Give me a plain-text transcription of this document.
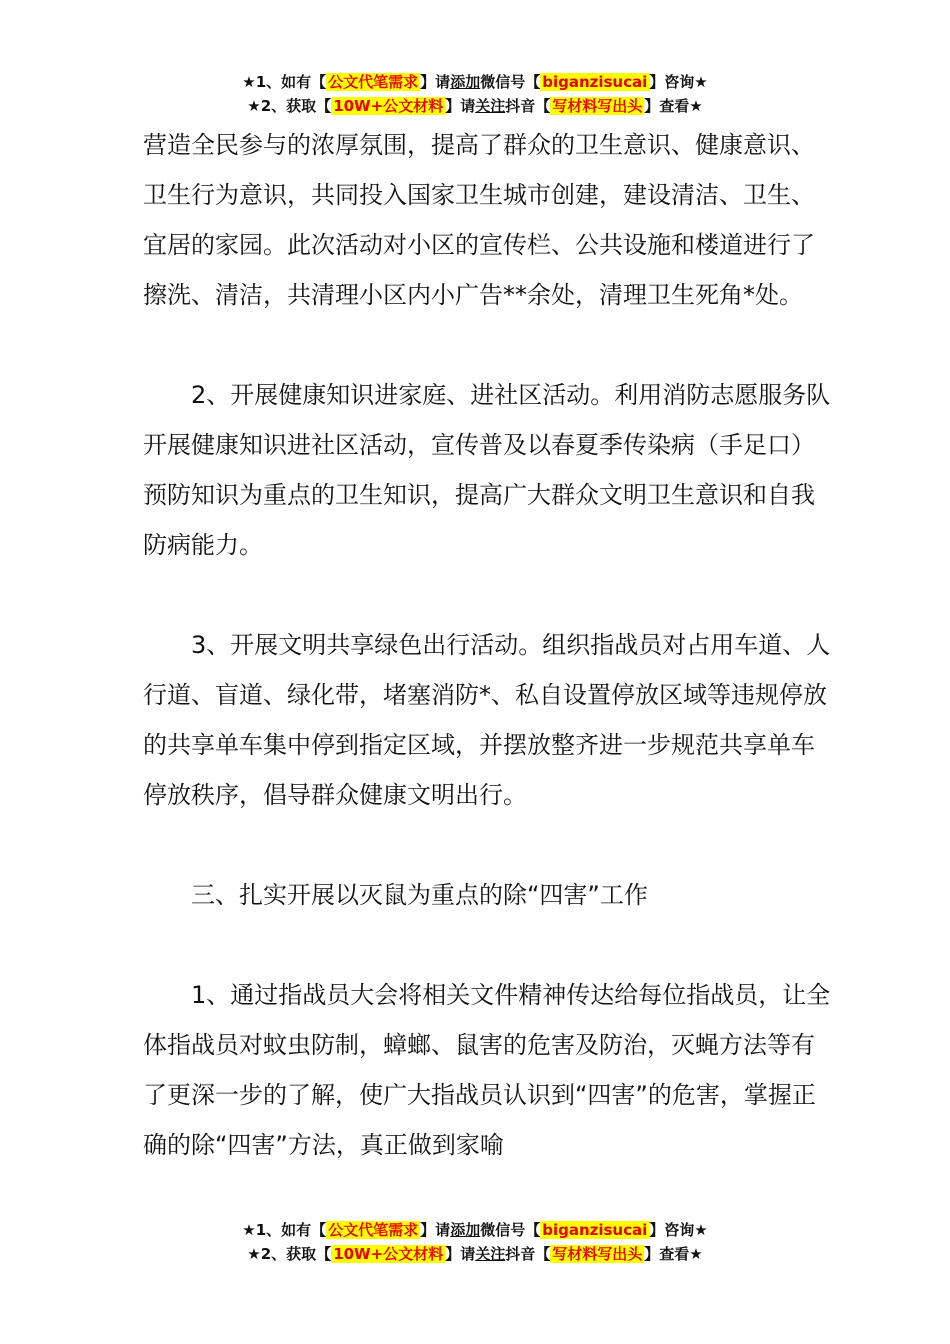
★1、如有【 公文代笔需求 】请添加微信号【 biganzisucai 】咨询★
★2、获取【 10W+公文材料 】请关注抖音【 写材料写出头 】查看★

营造全民参与的浓厚氛围，提高了群众的卫生意识、健康意识、卫生行为意识，共同投入国家卫生城市创建，建设清洁、卫生、宜居的家园。此次活动对小区的宣传栏、公共设施和楼道进行了擦洗、清洁，共清理小区内小广告**余处，清理卫生死角*处。

2、开展健康知识进家庭、进社区活动。利用消防志愿服务队开展健康知识进社区活动，宣传普及以春夏季传染病（手足口）预防知识为重点的卫生知识，提高广大群众文明卫生意识和自我防病能力。

3、开展文明共享绿色出行活动。组织指战员对占用车道、人行道、盲道、绿化带，堵塞消防*、私自设置停放区域等违规停放的共享单车集中停到指定区域，并摆放整齐进一步规范共享单车停放秩序，倡导群众健康文明出行。

三、扎实开展以灭鼠为重点的除“四害”工作

1、通过指战员大会将相关文件精神传达给每位指战员，让全体指战员对蚊虫防制，蟑螂、鼠害的危害及防治，灭蝇方法等有了更深一步的了解，使广大指战员认识到“四害”的危害，掌握正确的除“四害”方法，真正做到家喻

★1、如有【 公文代笔需求 】请添加微信号【 biganzisucai 】咨询★
★2、获取【 10W+公文材料 】请关注抖音【 写材料写出头 】查看★
